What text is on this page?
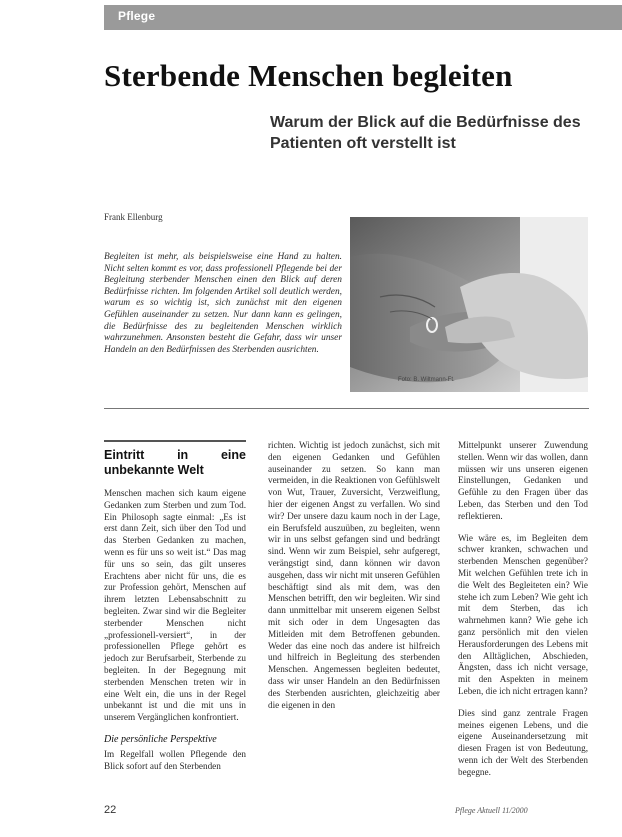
Pflege
Sterbende Menschen begleiten
Warum der Blick auf die Bedürfnisse des Patienten oft verstellt ist
Frank Ellenburg
Begleiten ist mehr, als beispielsweise eine Hand zu halten. Nicht selten kommt es vor, dass professionell Pflegende bei der Begleitung sterbender Menschen einen den Blick auf deren Bedürfnisse richten. Im folgenden Artikel soll deutlich werden, warum es so wichtig ist, sich zunächst mit den eigenen Gefühlen auseinander zu setzen. Nur dann kann es gelingen, die Bedürfnisse des zu begleitenden Menschen wirklich wahrzunehmen. Ansonsten besteht die Gefahr, dass wir unser Handeln an den Bedürfnissen des Sterbenden ausrichten.
Foto: B. Wiltmann-Ft.

Eintritt in eine unbekannte Welt

Menschen machen sich kaum eigene Gedanken zum Sterben und zum Tod. Ein Philosoph sagte einmal: „Es ist erst dann Zeit, sich über den Tod und das Sterben Gedanken zu machen, wenn es für uns so weit ist.“ Das mag für uns so sein, das gilt unseres Erachtens aber nicht für uns, die es zur Profession gehört, Menschen auf ihrem letzten Lebensabschnitt zu begleiten. Zwar sind wir die Begleiter sterbender Menschen nicht „professionell-versiert“, in der professionellen Pflege gehört es jedoch zur Berufsarbeit, Sterbende zu begleiten. In der Begegnung mit sterbenden Menschen treten wir in eine Welt ein, die uns in der Regel unbekannt ist und die mit uns in unserem Vergänglichen konfrontiert.

Die persönliche Perspektive

Im Regelfall wollen Pflegende den Blick sofort auf den Sterbenden

richten. Wichtig ist jedoch zunächst, sich mit den eigenen Gedanken und Gefühlen auseinander zu setzen. So kann man vermeiden, in die Reaktionen von Gefühlswelt von Wut, Trauer, Zuversicht, Verzweiflung, hier der eigenen Angst zu verfallen. Wo sind wir? Der unsere dazu kaum noch in der Lage, ein Berufsfeld auszuüben, zu begleiten, wenn wir in uns selbst gefangen sind und bedrängt sind. Wenn wir zum Beispiel, sehr aufgeregt, verängstigt sind, dann können wir davon ausgehen, dass wir nicht mit unseren Gefühlen beschäftigt sind als mit dem, was den Menschen betrifft, den wir begleiten. Wir sind dann unmittelbar mit unserem eigenen Selbst mit sich oder in dem Ungesagten das Mitleiden mit dem Betroffenen gebunden. Weder das eine noch das andere ist hilfreich und hilfreich in Begleitung des sterbenden Menschen. Angemessen begleiten bedeutet, dass wir unser Handeln an den Bedürfnissen des Sterbenden ausrichten, gleichzeitig aber die eigenen in den

Mittelpunkt unserer Zuwendung stellen. Wenn wir das wollen, dann müssen wir uns unseren eigenen Einstellungen, Gedanken und Gefühle zu den Fragen über das Leben, das Sterben und den Tod reflektieren.

Wie wäre es, im Begleiten dem schwer kranken, schwachen und sterbenden Menschen gegenüber? Mit welchen Gefühlen trete ich in die Welt des Begleiteten ein? Wie stehe ich zum Leben? Wie geht ich mit dem Sterben, das ich wahrnehmen kann? Wie gehe ich ganz persönlich mit den vielen Herausforderungen des Lebens mit den Alltäglichen, Abschieden, Ängsten, dass ich nicht versage, mit den Aspekten in meinem Leben, die ich nicht ertragen kann?

Dies sind ganz zentrale Fragen meines eigenen Lebens, und die eigene Auseinandersetzung mit diesen Fragen ist von Bedeutung, wenn ich der Welt des Sterbenden begegne.

22	Pflege Aktuell 11/2000
